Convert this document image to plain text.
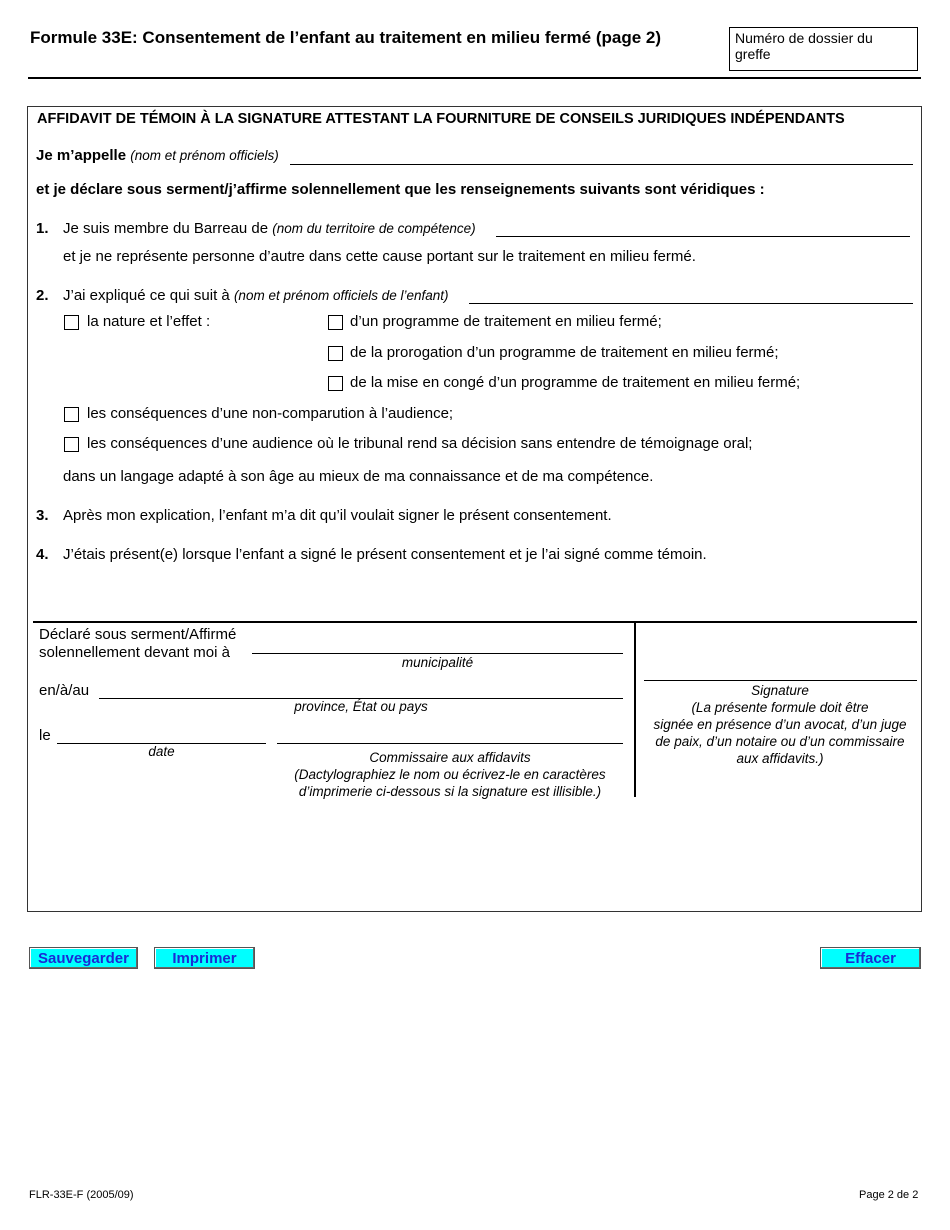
Formule 33E: Consentement de l’enfant au traitement en milieu fermé (page 2)	Numéro de dossier du greffe
AFFIDAVIT DE TÉMOIN À LA SIGNATURE ATTESTANT LA FOURNITURE DE CONSEILS JURIDIQUES INDÉPENDANTS
Je m’appelle (nom et prénom officiels)
et je déclare sous serment/j’affirme solennellement que les renseignements suivants sont véridiques :
1. Je suis membre du Barreau de (nom du territoire de compétence)
et je ne représente personne d’autre dans cette cause portant sur le traitement en milieu fermé.
2. J’ai expliqué ce qui suit à (nom et prénom officiels de l’enfant)
la nature et l’effet :	d’un programme de traitement en milieu fermé;
de la prorogation d’un programme de traitement en milieu fermé;
de la mise en congé d’un programme de traitement en milieu fermé;
les conséquences d’une non-comparution à l’audience;
les conséquences d’une audience où le tribunal rend sa décision sans entendre de témoignage oral;
dans un langage adapté à son âge au mieux de ma connaissance et de ma compétence.
3. Après mon explication, l’enfant m’a dit qu’il voulait signer le présent consentement.
4. J’étais présent(e) lorsque l’enfant a signé le présent consentement et je l’ai signé comme témoin.
Déclaré sous serment/Affirmé
solennellement devant moi à
municipalité
en/à/au
province, État ou pays
le
date	Commissaire aux affidavits
(Dactylographiez le nom ou écrivez-le en caractères
d’imprimerie ci-dessous si la signature est illisible.)
Signature
(La présente formule doit être
signée en présence d’un avocat, d’un juge
de paix, d’un notaire ou d’un commissaire
aux affidavits.)
Sauvegarder	Imprimer	Effacer
FLR-33E-F (2005/09)	Page 2 de 2
